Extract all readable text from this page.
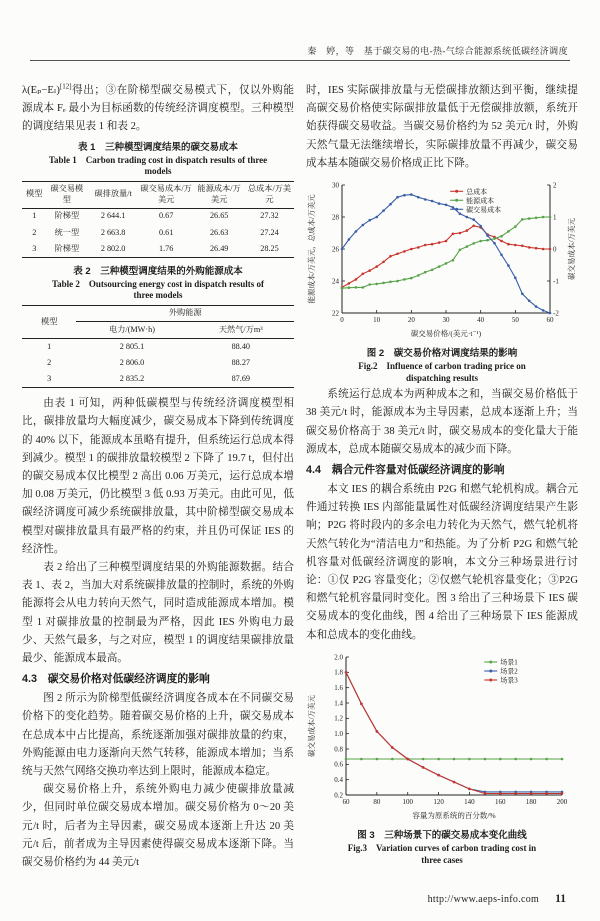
秦　婷，等　基于碳交易的电-热-气综合能源系统低碳经济调度

λ(Eₚ−Eₗ)[12]得出；③在阶梯型碳交易模式下，仅以外购能源成本 Fₑ 最小为目标函数的传统经济调度模型。三种模型的调度结果见表 1 和表 2。

表 1　三种模型调度结果的碳交易成本
Table 1　Carbon trading cost in dispatch results of three models
模型	碳交易模型	碳排放量/t	碳交易成本/万美元	能源成本/万美元	总成本/万美元
1	阶梯型	2 644.1	0.67	26.65	27.32
2	统一型	2 663.8	0.61	26.63	27.24
3	阶梯型	2 802.0	1.76	26.49	28.25
表 2　三种模型调度结果的外购能源成本
Table 2　Outsourcing energy cost in dispatch results of three models
模型	外购能源	
	电力/(MW·h)	天然气/万m³
1	2 805.1	88.40
2	2 806.0	88.27
3	2 835.2	87.69

由表 1 可知，两种低碳模型与传统经济调度模型相比，碳排放量均大幅度减少，碳交易成本下降到传统调度的 40% 以下，能源成本虽略有提升，但系统运行总成本得到减少。模型 1 的碳排放量较模型 2 下降了 19.7 t，但付出的碳交易成本仅比模型 2 高出 0.06 万美元，运行总成本增加 0.08 万美元，仍比模型 3 低 0.93 万美元。由此可见，低碳经济调度可减少系统碳排放量，其中阶梯型碳交易成本模型对碳排放量具有最严格的约束，并且仍可保证 IES 的经济性。

表 2 给出了三种模型调度结果的外购能源数据。结合表 1、表 2，当加大对系统碳排放量的控制时，系统的外购能源将会从电力转向天然气，同时造成能源成本增加。模型 1 对碳排放量的控制最为严格，因此 IES 外购电力最少、天然气最多，与之对应，模型 1 的调度结果碳排放量最少、能源成本最高。

4.3　碳交易价格对低碳经济调度的影响

图 2 所示为阶梯型低碳经济调度各成本在不同碳交易价格下的变化趋势。随着碳交易价格的上升，碳交易成本在总成本中占比提高，系统逐渐加强对碳排放量的约束，外购能源由电力逐渐向天然气转移，能源成本增加；当系统与天然气网络交换功率达到上限时，能源成本稳定。

碳交易价格上升，系统外购电力减少使碳排放量减少，但同时单位碳交易成本增加。碳交易价格为 0～20 美元/t 时，后者为主导因素，碳交易成本逐渐上升达 20 美元/t 后，前者成为主导因素使得碳交易成本逐渐下降。当碳交易价格约为 44 美元/t

时，IES 实际碳排放量与无偿碳排放额达到平衡，继续提高碳交易价格使实际碳排放量低于无偿碳排放额，系统开始获得碳交易收益。当碳交易价格约为 52 美元/t 时，外购天然气量无法继续增长，实际碳排放量不再减少，碳交易成本基本随碳交易价格成正比下降。

0	10	20	30	40	50	60
22
24
26
28
30
-2
-1
0
1
2
碳交易价格/(美元·t⁻¹)
能源成本/万美元，总成本/万美元	碳交易成本/万美元
总成本
能源成本
碳交易成本
图 2　碳交易价格对调度结果的影响
Fig.2　Influence of carbon trading price on dispatching results

系统运行总成本为两种成本之和，当碳交易价格低于 38 美元/t 时，能源成本为主导因素，总成本逐渐上升；当碳交易价格高于 38 美元/t 时，碳交易成本的变化量大于能源成本，总成本随碳交易成本的减少而下降。

4.4　耦合元件容量对低碳经济调度的影响

本文 IES 的耦合系统由 P2G 和燃气轮机构成。耦合元件通过转换 IES 内部能量属性对低碳经济调度结果产生影响；P2G 将时段内的多余电力转化为天然气，燃气轮机将天然气转化为“清洁电力”和热能。为了分析 P2G 和燃气轮机容量对低碳经济调度的影响，本文分三种场景进行讨论：①仅 P2G 容量变化；②仅燃气轮机容量变化；③P2G 和燃气轮机容量同时变化。图 3 给出了三种场景下 IES 碳交易成本的变化曲线，图 4 给出了三种场景下 IES 能源成本和总成本的变化曲线。

60	80	100	120	140	160	180	200
0.2
0.4
0.6
0.8
1.0
1.2
1.4
1.6
1.8
2.0
容量为原系统的百分数/%
碳交易成本/万美元
场景1
场景2
场景3
图 3　三种场景下的碳交易成本变化曲线
Fig.3　Variation curves of carbon trading cost in three cases
http://www.aeps-info.com 11
